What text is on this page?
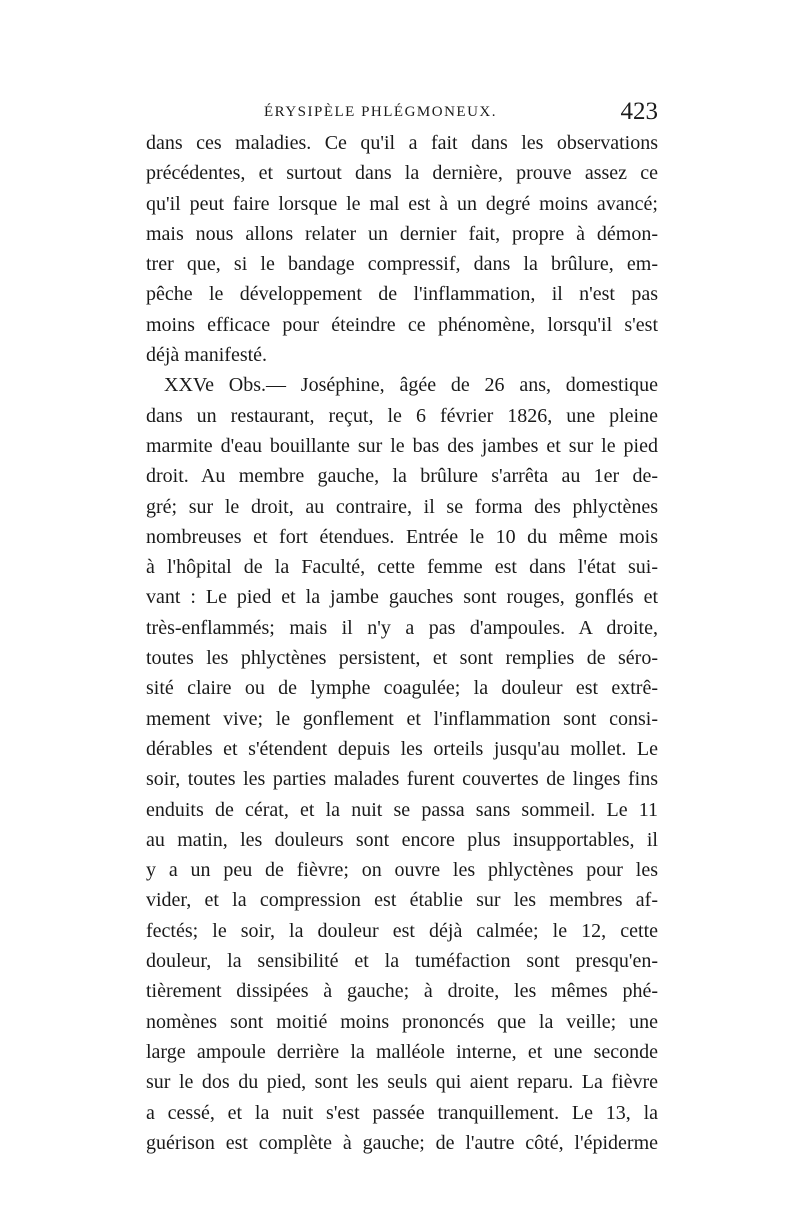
ÉRYSIPÈLE PHLÉGMONEUX.	423
dans ces maladies. Ce qu'il a fait dans les observations
précédentes, et surtout dans la dernière, prouve assez ce
qu'il peut faire lorsque le mal est à un degré moins avancé;
mais nous allons relater un dernier fait, propre à démon-
trer que, si le bandage compressif, dans la brûlure, em-
pêche le développement de l'inflammation, il n'est pas
moins efficace pour éteindre ce phénomène, lorsqu'il s'est
déjà manifesté.
XXVe Obs.— Joséphine, âgée de 26 ans, domestique
dans un restaurant, reçut, le 6 février 1826, une pleine
marmite d'eau bouillante sur le bas des jambes et sur le pied
droit. Au membre gauche, la brûlure s'arrêta au 1er de-
gré; sur le droit, au contraire, il se forma des phlyctènes
nombreuses et fort étendues. Entrée le 10 du même mois
à l'hôpital de la Faculté, cette femme est dans l'état sui-
vant : Le pied et la jambe gauches sont rouges, gonflés et
très-enflammés; mais il n'y a pas d'ampoules. A droite,
toutes les phlyctènes persistent, et sont remplies de séro-
sité claire ou de lymphe coagulée; la douleur est extrê-
mement vive; le gonflement et l'inflammation sont consi-
dérables et s'étendent depuis les orteils jusqu'au mollet. Le
soir, toutes les parties malades furent couvertes de linges fins
enduits de cérat, et la nuit se passa sans sommeil. Le 11
au matin, les douleurs sont encore plus insupportables, il
y a un peu de fièvre; on ouvre les phlyctènes pour les
vider, et la compression est établie sur les membres af-
fectés; le soir, la douleur est déjà calmée; le 12, cette
douleur, la sensibilité et la tuméfaction sont presqu'en-
tièrement dissipées à gauche; à droite, les mêmes phé-
nomènes sont moitié moins prononcés que la veille; une
large ampoule derrière la malléole interne, et une seconde
sur le dos du pied, sont les seuls qui aient reparu. La fièvre
a cessé, et la nuit s'est passée tranquillement. Le 13, la
guérison est complète à gauche; de l'autre côté, l'épiderme
